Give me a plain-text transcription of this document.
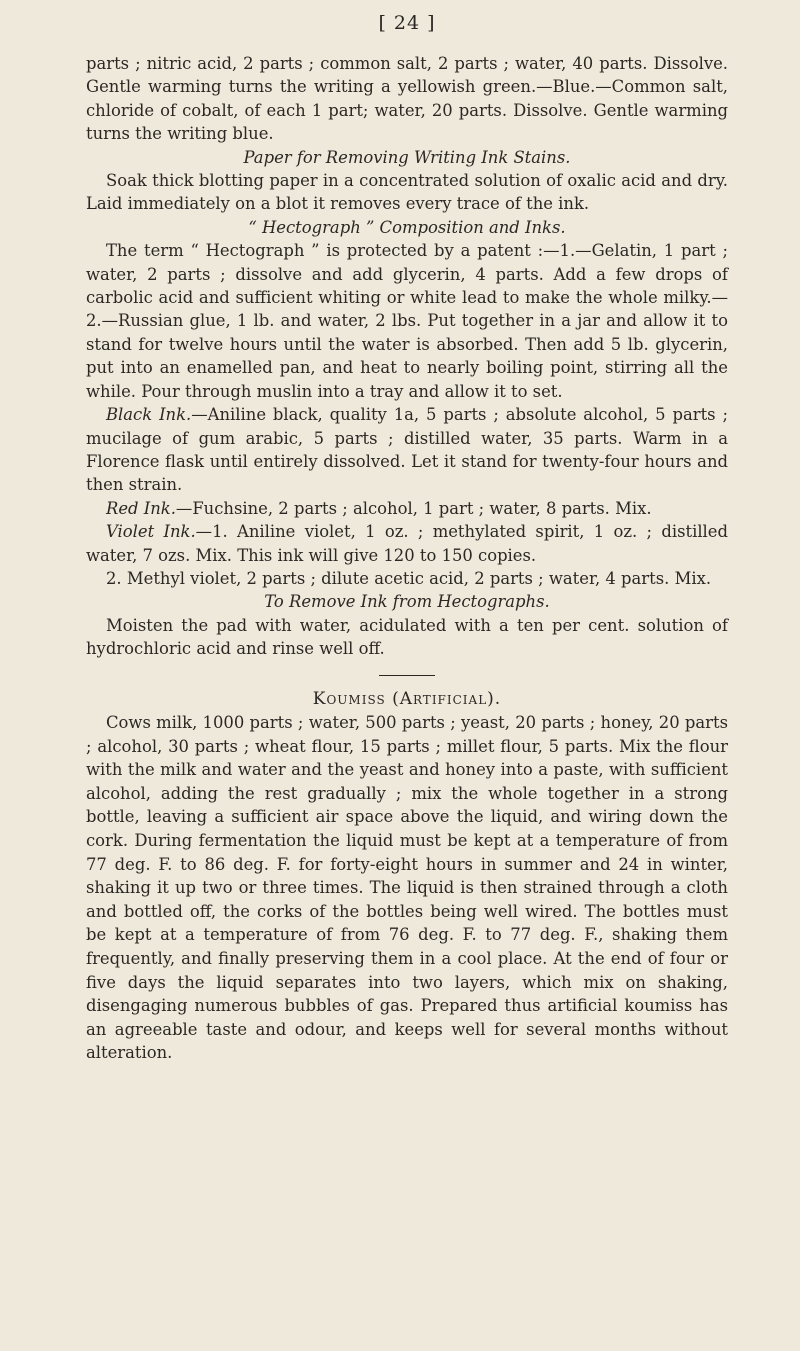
[ 24 ]

parts ; nitric acid, 2 parts ; common salt, 2 parts ; water, 40 parts. Dissolve. Gentle warming turns the writing a yellowish green.—Blue.—Common salt, chloride of cobalt, of each 1 part; water, 20 parts. Dissolve. Gentle warming turns the writing blue.

Paper for Removing Writing Ink Stains.

Soak thick blotting paper in a concentrated solution of oxalic acid and dry. Laid immediately on a blot it removes every trace of the ink.

“ Hectograph ” Composition and Inks.

The term “ Hectograph ” is protected by a patent :—1.—Gelatin, 1 part ; water, 2 parts ; dissolve and add glycerin, 4 parts. Add a few drops of carbolic acid and sufficient whiting or white lead to make the whole milky.—2.—Russian glue, 1 lb. and water, 2 lbs. Put together in a jar and allow it to stand for twelve hours until the water is absorbed. Then add 5 lb. glycerin, put into an enamelled pan, and heat to nearly boiling point, stirring all the while. Pour through muslin into a tray and allow it to set.

Black Ink.—Aniline black, quality 1a, 5 parts ; absolute alcohol, 5 parts ; mucilage of gum arabic, 5 parts ; distilled water, 35 parts. Warm in a Florence flask until entirely dissolved. Let it stand for twenty-four hours and then strain.

Red Ink.—Fuchsine, 2 parts ; alcohol, 1 part ; water, 8 parts. Mix.

Violet Ink.—1. Aniline violet, 1 oz. ; methylated spirit, 1 oz. ; distilled water, 7 ozs. Mix. This ink will give 120 to 150 copies.

2. Methyl violet, 2 parts ; dilute acetic acid, 2 parts ; water, 4 parts. Mix.

To Remove Ink from Hectographs.

Moisten the pad with water, acidulated with a ten per cent. solution of hydrochloric acid and rinse well off.

Koumiss (Artificial).

Cows milk, 1000 parts ; water, 500 parts ; yeast, 20 parts ; honey, 20 parts ; alcohol, 30 parts ; wheat flour, 15 parts ; millet flour, 5 parts. Mix the flour with the milk and water and the yeast and honey into a paste, with sufficient alcohol, adding the rest gradually ; mix the whole together in a strong bottle, leaving a sufficient air space above the liquid, and wiring down the cork. During fermentation the liquid must be kept at a temperature of from 77 deg. F. to 86 deg. F. for forty-eight hours in summer and 24 in winter, shaking it up two or three times. The liquid is then strained through a cloth and bottled off, the corks of the bottles being well wired. The bottles must be kept at a temperature of from 76 deg. F. to 77 deg. F., shaking them frequently, and finally preserving them in a cool place. At the end of four or five days the liquid separates into two layers, which mix on shaking, disengaging numerous bubbles of gas. Prepared thus artificial koumiss has an agreeable taste and odour, and keeps well for several months without alteration.
